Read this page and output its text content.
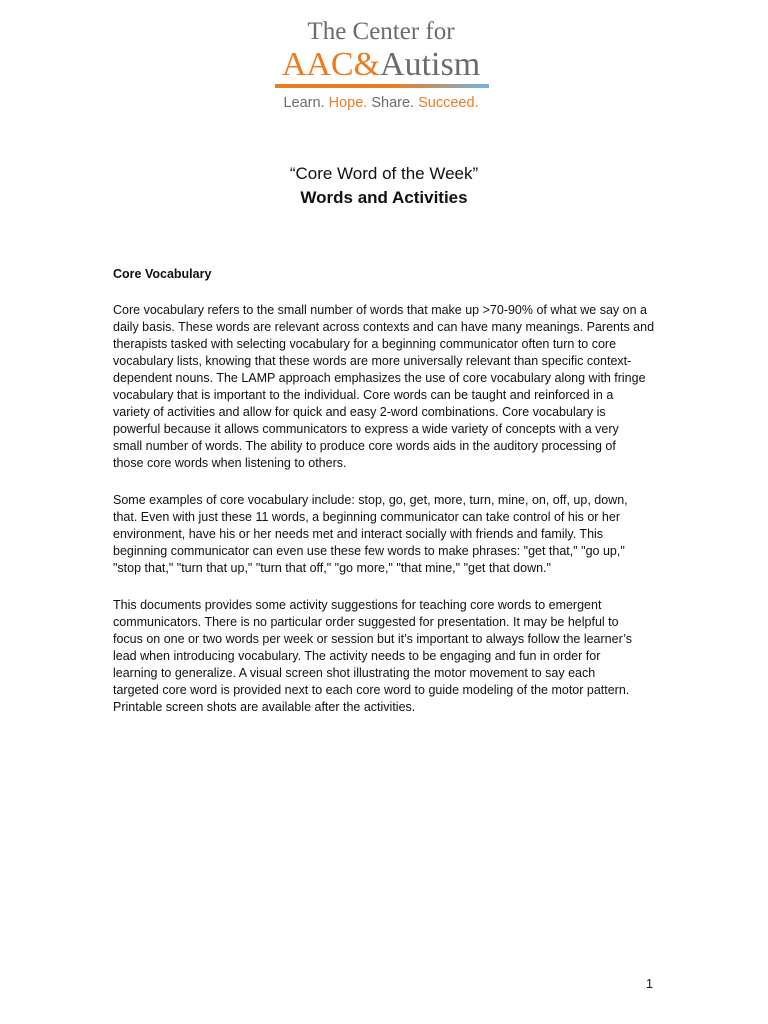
The Center for
AAC&Autism
Learn. Hope. Share. Succeed.
“Core Word of the Week”
Words and Activities
Core Vocabulary

Core vocabulary refers to the small number of words that make up >70-90% of what we say on a
daily basis. These words are relevant across contexts and can have many meanings. Parents and
therapists tasked with selecting vocabulary for a beginning communicator often turn to core
vocabulary lists, knowing that these words are more universally relevant than specific context-
dependent nouns. The LAMP approach emphasizes the use of core vocabulary along with fringe
vocabulary that is important to the individual. Core words can be taught and reinforced in a
variety of activities and allow for quick and easy 2-word combinations. Core vocabulary is
powerful because it allows communicators to express a wide variety of concepts with a very
small number of words. The ability to produce core words aids in the auditory processing of
those core words when listening to others.

Some examples of core vocabulary include: stop, go, get, more, turn, mine, on, off, up, down,
that. Even with just these 11 words, a beginning communicator can take control of his or her
environment, have his or her needs met and interact socially with friends and family. This
beginning communicator can even use these few words to make phrases: "get that," "go up,"
"stop that," "turn that up," "turn that off," "go more," "that mine," "get that down."

This documents provides some activity suggestions for teaching core words to emergent
communicators. There is no particular order suggested for presentation. It may be helpful to
focus on one or two words per week or session but it’s important to always follow the learner’s
lead when introducing vocabulary. The activity needs to be engaging and fun in order for
learning to generalize. A visual screen shot illustrating the motor movement to say each
targeted core word is provided next to each core word to guide modeling of the motor pattern.
Printable screen shots are available after the activities.

1
